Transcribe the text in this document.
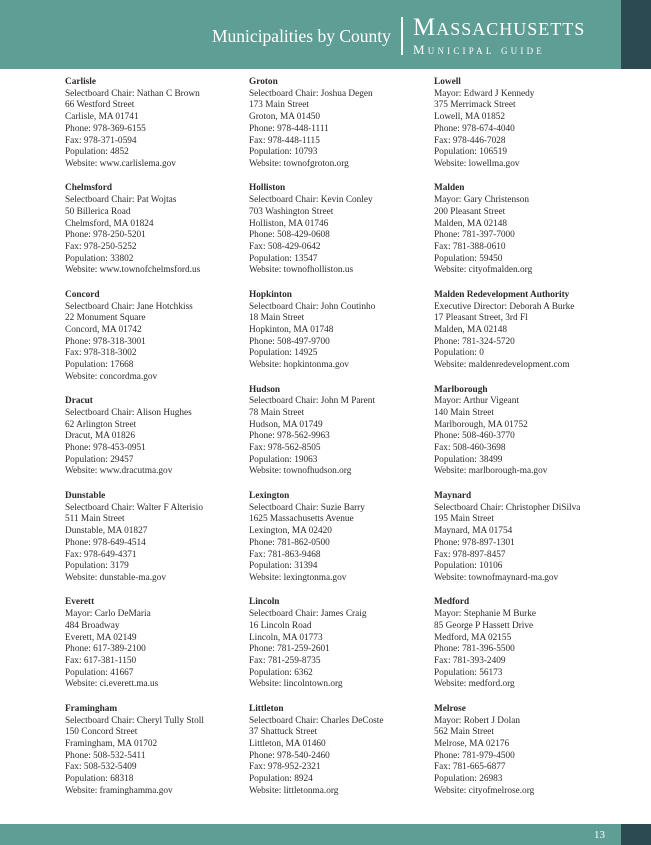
Municipalities by County Massachusetts
Municipal guide
Carlisle
Selectboard Chair: Nathan C Brown
66 Westford Street
Carlisle, MA 01741
Phone: 978-369-6155
Fax: 978-371-0594
Population: 4852
Website: www.carlislema.gov
Chelmsford
Selectboard Chair: Pat Wojtas
50 Billerica Road
Chelmsford, MA 01824
Phone: 978-250-5201
Fax: 978-250-5252
Population: 33802
Website: www.townofchelmsford.us
Concord
Selectboard Chair: Jane Hotchkiss
22 Monument Square
Concord, MA 01742
Phone: 978-318-3001
Fax: 978-318-3002
Population: 17668
Website: concordma.gov
Dracut
Selectboard Chair: Alison Hughes
62 Arlington Street
Dracut, MA 01826
Phone: 978-453-0951
Population: 29457
Website: www.dracutma.gov
Dunstable
Selectboard Chair: Walter F Alterisio
511 Main Street
Dunstable, MA 01827
Phone: 978-649-4514
Fax: 978-649-4371
Population: 3179
Website: dunstable-ma.gov
Everett
Mayor: Carlo DeMaria
484 Broadway
Everett, MA 02149
Phone: 617-389-2100
Fax: 617-381-1150
Population: 41667
Website: ci.everett.ma.us
Framingham
Selectboard Chair: Cheryl Tully Stoll
150 Concord Street
Framingham, MA 01702
Phone: 508-532-5411
Fax: 508-532-5409
Population: 68318
Website: framinghamma.gov
Groton
Selectboard Chair: Joshua Degen
173 Main Street
Groton, MA 01450
Phone: 978-448-1111
Fax: 978-448-1115
Population: 10793
Website: townofgroton.org
Holliston
Selectboard Chair: Kevin Conley
703 Washington Street
Holliston, MA 01746
Phone: 508-429-0608
Fax: 508-429-0642
Population: 13547
Website: townofholliston.us
Hopkinton
Selectboard Chair: John Coutinho
18 Main Street
Hopkinton, MA 01748
Phone: 508-497-9700
Population: 14925
Website: hopkintonma.gov
Hudson
Selectboard Chair: John M Parent
78 Main Street
Hudson, MA 01749
Phone: 978-562-9963
Fax: 978-562-8505
Population: 19063
Website: townofhudson.org
Lexington
Selectboard Chair: Suzie Barry
1625 Massachusetts Avenue
Lexington, MA 02420
Phone: 781-862-0500
Fax: 781-863-9468
Population: 31394
Website: lexingtonma.gov
Lincoln
Selectboard Chair: James Craig
16 Lincoln Road
Lincoln, MA 01773
Phone: 781-259-2601
Fax: 781-259-8735
Population: 6362
Website: lincolntown.org
Littleton
Selectboard Chair: Charles DeCoste
37 Shattuck Street
Littleton, MA 01460
Phone: 978-540-2460
Fax: 978-952-2321
Population: 8924
Website: littletonma.org
Lowell
Mayor: Edward J Kennedy
375 Merrimack Street
Lowell, MA 01852
Phone: 978-674-4040
Fax: 978-446-7028
Population: 106519
Website: lowellma.gov
Malden
Mayor: Gary Christenson
200 Pleasant Street
Malden, MA 02148
Phone: 781-397-7000
Fax: 781-388-0610
Population: 59450
Website: cityofmalden.org
Malden Redevelopment Authority
Executive Director: Deborah A Burke
17 Pleasant Street, 3rd Fl
Malden, MA 02148
Phone: 781-324-5720
Population: 0
Website: maldenredevelopment.com
Marlborough
Mayor: Arthur Vigeant
140 Main Street
Marlborough, MA 01752
Phone: 508-460-3770
Fax: 508-460-3698
Population: 38499
Website: marlborough-ma.gov
Maynard
Selectboard Chair: Christopher DiSilva
195 Main Street
Maynard, MA 01754
Phone: 978-897-1301
Fax: 978-897-8457
Population: 10106
Website: townofmaynard-ma.gov
Medford
Mayor: Stephanie M Burke
85 George P Hassett Drive
Medford, MA 02155
Phone: 781-396-5500
Fax: 781-393-2409
Population: 56173
Website: medford.org
Melrose
Mayor: Robert J Dolan
562 Main Street
Melrose, MA 02176
Phone: 781-979-4500
Fax: 781-665-6877
Population: 26983
Website: cityofmelrose.org
13
